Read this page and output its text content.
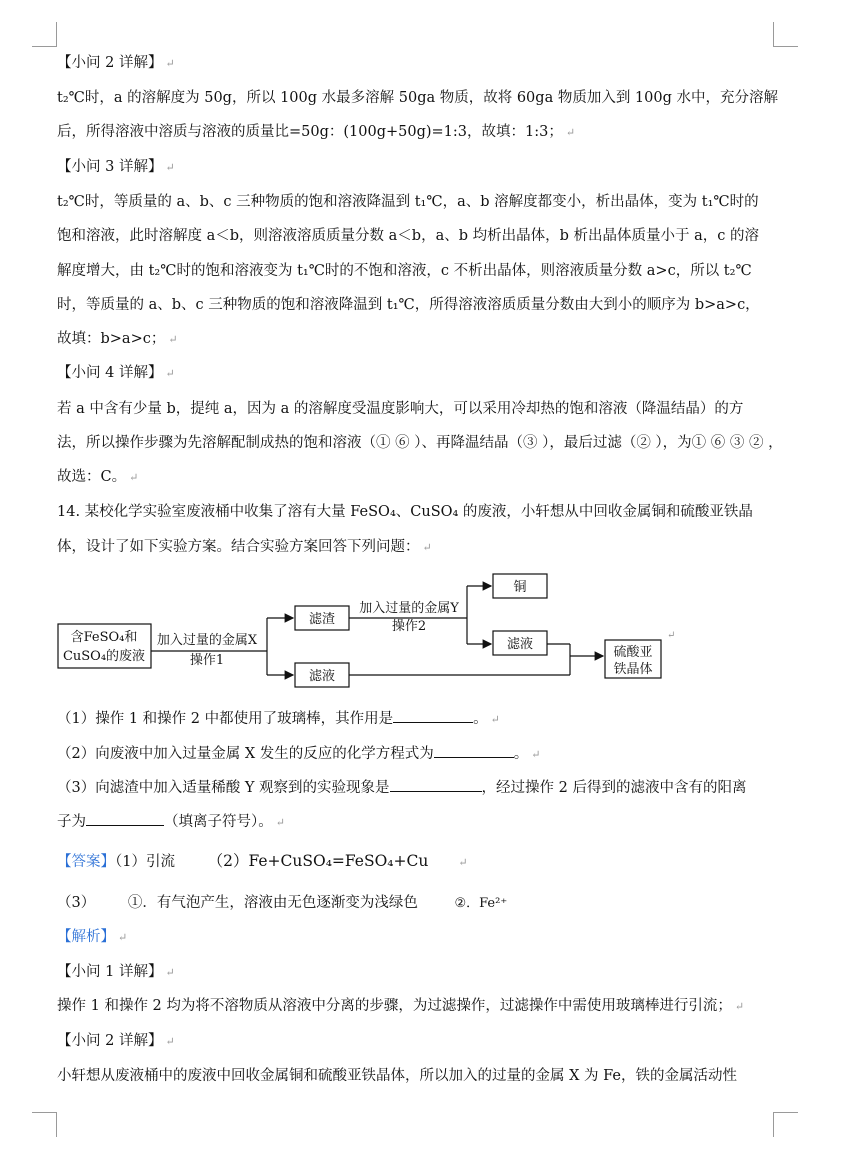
【小问 2 详解】 ↵
t₂℃时，a 的溶解度为 50g，所以 100g 水最多溶解 50ga 物质，故将 60ga 物质加入到 100g 水中，充分溶解
后，所得溶液中溶质与溶液的质量比=50g：(100g+50g)=1:3，故填：1:3； ↵
【小问 3 详解】 ↵
t₂℃时，等质量的 a、b、c 三种物质的饱和溶液降温到 t₁℃，a、b 溶解度都变小，析出晶体，变为 t₁℃时的
饱和溶液，此时溶解度 a＜b，则溶液溶质质量分数 a＜b，a、b 均析出晶体，b 析出晶体质量小于 a，c 的溶
解度增大，由 t₂℃时的饱和溶液变为 t₁℃时的不饱和溶液，c 不析出晶体，则溶液质量分数 a>c，所以 t₂℃
时，等质量的 a、b、c 三种物质的饱和溶液降温到 t₁℃，所得溶液溶质质量分数由大到小的顺序为 b>a>c，
故填：b>a>c； ↵
【小问 4 详解】 ↵
若 a 中含有少量 b，提纯 a，因为 a 的溶解度受温度影响大，可以采用冷却热的饱和溶液（降温结晶）的方
法，所以操作步骤为先溶解配制成热的饱和溶液（① ⑥ ）、再降温结晶（③ ），最后过滤（② ），为① ⑥ ③ ② ，
故选：C。 ↵
14. 某校化学实验室废液桶中收集了溶有大量 FeSO₄、CuSO₄ 的废液，小轩想从中回收金属铜和硫酸亚铁晶
体，设计了如下实验方案。结合实验方案回答下列问题： ↵
含FeSO₄和
CuSO₄的废液
加入过量的金属X
操作1
滤渣
滤液
加入过量的金属Y
操作2
铜
滤液
硫酸亚
铁晶体
↵
（1）操作 1 和操作 2 中都使用了玻璃棒，其作用是	。 ↵
（2）向废液中加入过量金属 X 发生的反应的化学方程式为	。 ↵
（3）向滤渣中加入适量稀酸 Y 观察到的实验现象是	，经过操作 2 后得到的滤液中含有的阳离
子为	（填离子符号）。 ↵
【答案】（1）引流 （2）Fe+CuSO₄=FeSO₄+Cu	↵
（3） ①．有气泡产生，溶液由无色逐渐变为浅绿色	②．Fe²⁺
【解析】 ↵
【小问 1 详解】 ↵
操作 1 和操作 2 均为将不溶物质从溶液中分离的步骤，为过滤操作，过滤操作中需使用玻璃棒进行引流； ↵
【小问 2 详解】 ↵
小轩想从废液桶中的废液中回收金属铜和硫酸亚铁晶体，所以加入的过量的金属 X 为 Fe，铁的金属活动性
